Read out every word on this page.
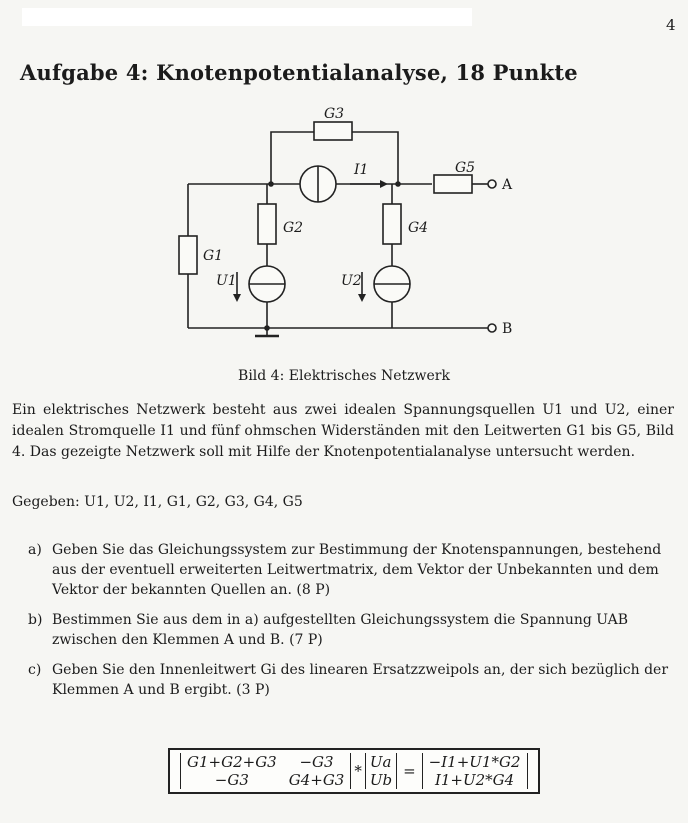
4
Aufgabe 4: Knotenpotentialanalyse, 18 Punkte
G3
G5
I1
G1
G2	G4
U1	U2
A
B
Bild 4: Elektrisches Netzwerk
Ein elektrisches Netzwerk besteht aus zwei idealen Spannungsquellen U1 und U2, einer idealen Stromquelle I1 und fünf ohmschen Widerständen mit den Leitwerten G1 bis G5, Bild 4. Das gezeigte Netzwerk soll mit Hilfe der Knotenpotentialanalyse untersucht werden.
Gegeben: U1, U2, I1, G1, G2, G3, G4, G5
a) Geben Sie das Gleichungssystem zur Bestimmung der Knotenspannungen, bestehend aus der eventuell erweiterten Leitwertmatrix, dem Vektor der Unbekannten und dem Vektor der bekannten Quellen an. (8 P)
b) Bestimmen Sie aus dem in a) aufgestellten Gleichungssystem die Spannung UAB zwischen den Klemmen A und B. (7 P)
c) Geben Sie den Innenleitwert Gi des linearen Ersatzzweipols an, der sich bezüglich der Klemmen A und B ergibt. (3 P)
G1+G2+G3	−G3	*	Ua	=	−I1+U1*G2
−G3	G4+G3		Ub		I1+U2*G4
